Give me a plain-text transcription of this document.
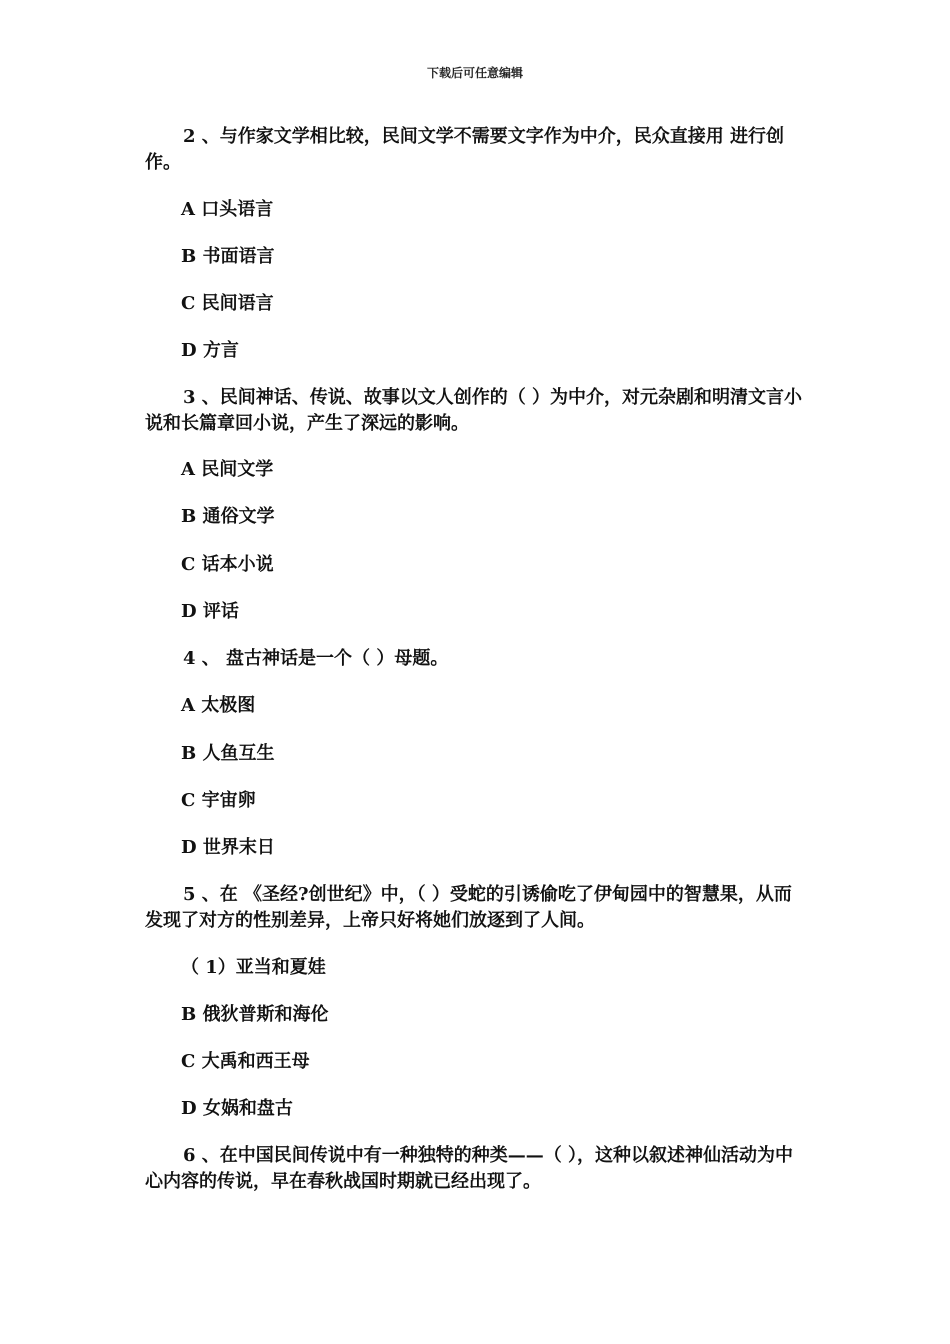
下载后可任意编辑
2 、与作家文学相比较，民间文学不需要文字作为中介，民众直接用 进行创作。
A 口头语言
B 书面语言
C 民间语言
D 方言
3 、民间神话、传说、故事以文人创作的（ ）为中介，对元杂剧和明清文言小说和长篇章回小说，产生了深远的影响。
A 民间文学
B 通俗文学
C 话本小说
D 评话
4 、 盘古神话是一个（ ）母题。
A 太极图
B 人鱼互生
C 宇宙卵
D 世界末日
5 、在 《圣经?创世纪》中，（ ）受蛇的引诱偷吃了伊甸园中的智慧果，从而发现了对方的性别差异，上帝只好将她们放逐到了人间。
（ 1）亚当和夏娃
B 俄狄普斯和海伦
C 大禹和西王母
D 女娲和盘古
6 、在中国民间传说中有一种独特的种类——（ ），这种以叙述神仙活动为中心内容的传说，早在春秋战国时期就已经出现了。
